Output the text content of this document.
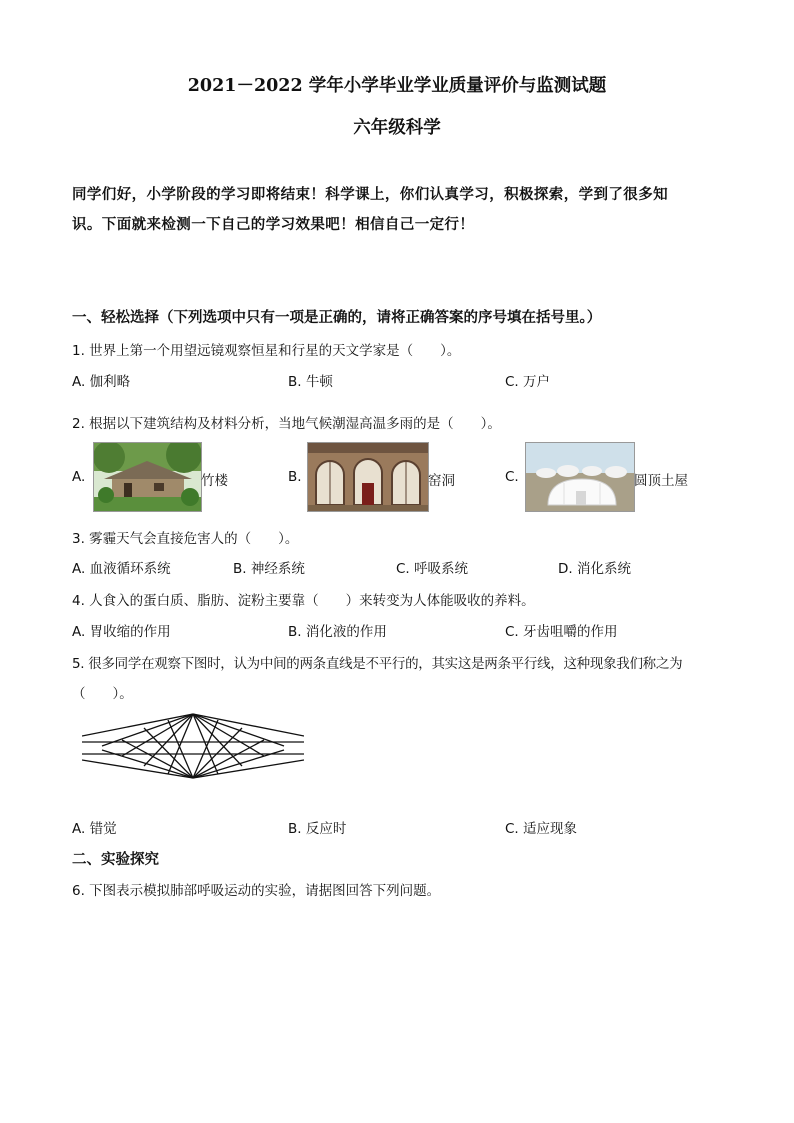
2021－2022 学年小学毕业学业质量评价与监测试题
六年级科学
同学们好，小学阶段的学习即将结束！科学课上，你们认真学习，积极探索，学到了很多知
识。下面就来检测一下自己的学习效果吧！相信自己一定行！
一、轻松选择（下列选项中只有一项是正确的，请将正确答案的序号填在括号里。）
1. 世界上第一个用望远镜观察恒星和行星的天文学家是（　　）。
A. 伽利略	B. 牛顿	C. 万户
2. 根据以下建筑结构及材料分析，当地气候潮湿高温多雨的是（　　）。
A.	竹楼	B.	窑洞	C.	圆顶土屋
3. 雾霾天气会直接危害人的（　　）。
A. 血液循环系统	B. 神经系统	C. 呼吸系统	D. 消化系统
4. 人食入的蛋白质、脂肪、淀粉主要靠（　　）来转变为人体能吸收的养料。
A. 胃收缩的作用	B. 消化液的作用	C. 牙齿咀嚼的作用
5. 很多同学在观察下图时，认为中间的两条直线是不平行的，其实这是两条平行线，这种现象我们称之为
（　　）。
A. 错觉	B. 反应时	C. 适应现象
二、实验探究
6. 下图表示模拟肺部呼吸运动的实验，请据图回答下列问题。
